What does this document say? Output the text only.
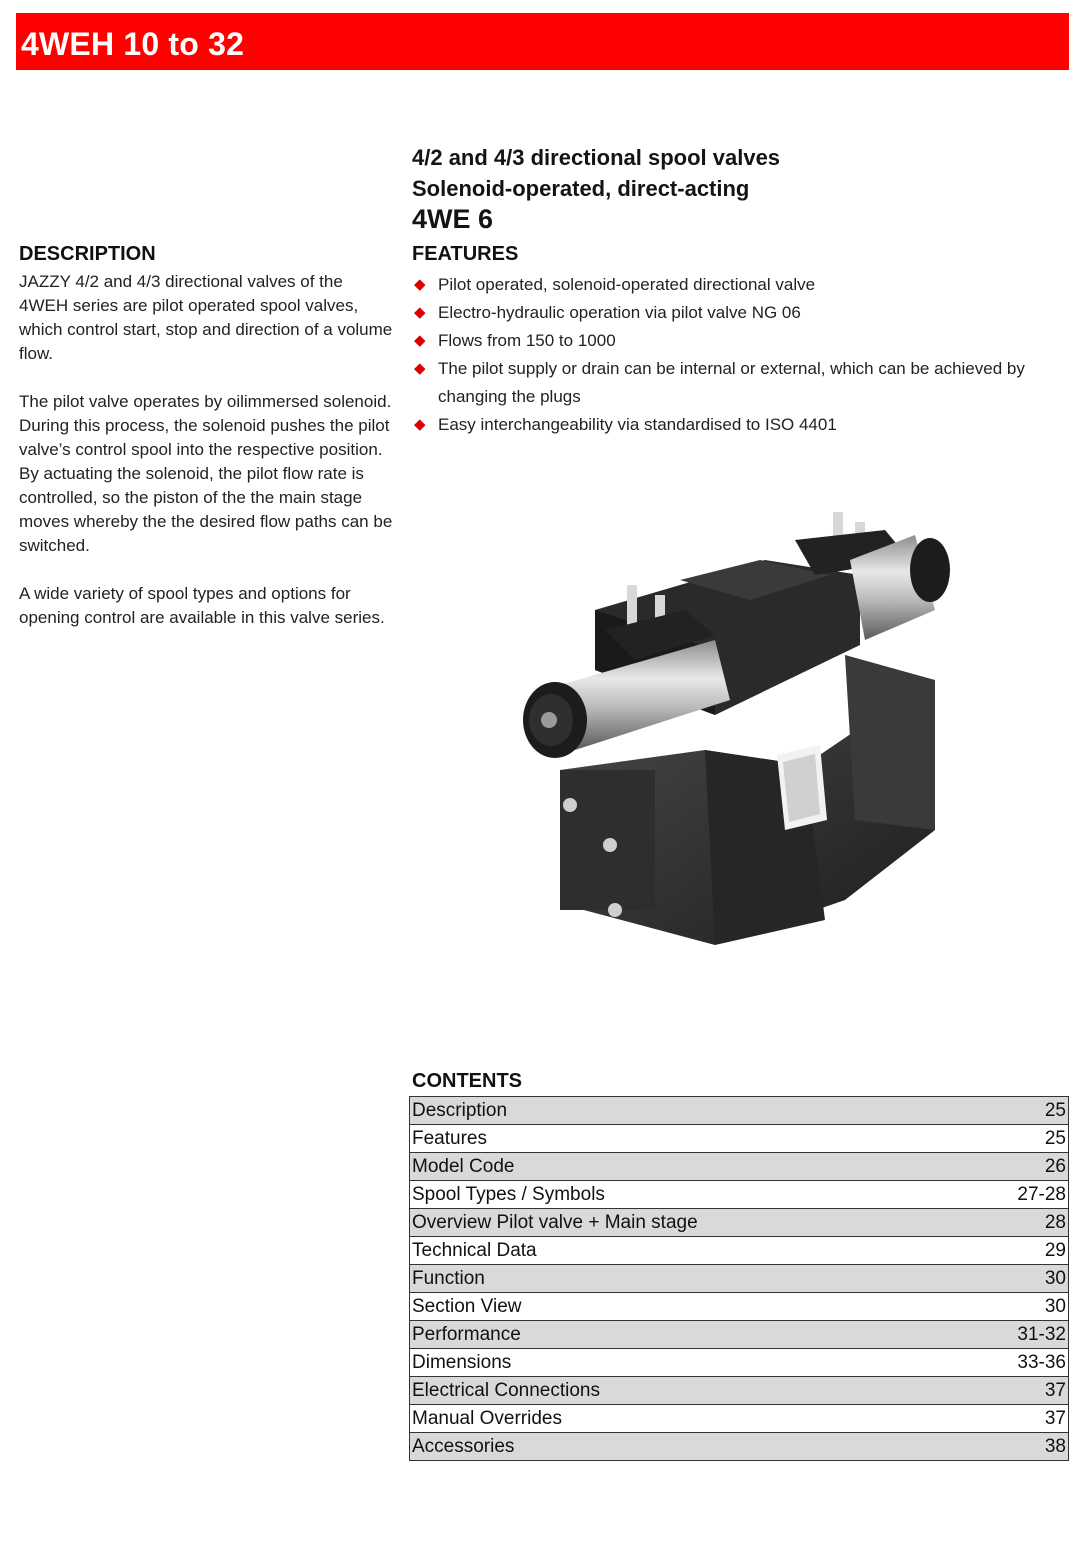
4WEH 10 to 32
4/2 and 4/3 directional spool valves
Solenoid-operated, direct-acting
4WE 6
DESCRIPTION

JAZZY 4/2 and 4/3 directional valves of the 4WEH series are pilot operated spool valves, which control start, stop and direction of a volume flow.

The pilot valve operates by oilimmersed solenoid. During this process, the solenoid pushes the pilot valve’s control spool into the respective position.

By actuating the solenoid, the pilot flow rate is controlled, so the piston of the the main stage moves whereby the the desired flow paths can be switched.

A wide variety of spool types and options for opening control are available in this valve series.

FEATURES
◆ Pilot operated, solenoid-operated directional valve
◆ Electro-hydraulic operation via pilot valve NG 06
◆ Flows from 150 to 1000
◆ The pilot supply or drain can be internal or external, which can be achieved by changing the plugs
◆ Easy interchangeability via standardised to ISO 4401
CONTENTS
Description	25
Features	25
Model Code	26
Spool Types / Symbols	27-28
Overview Pilot valve + Main stage	28
Technical Data	29
Function	30
Section View	30
Performance	31-32
Dimensions	33-36
Electrical Connections	37
Manual Overrides	37
Accessories	38
